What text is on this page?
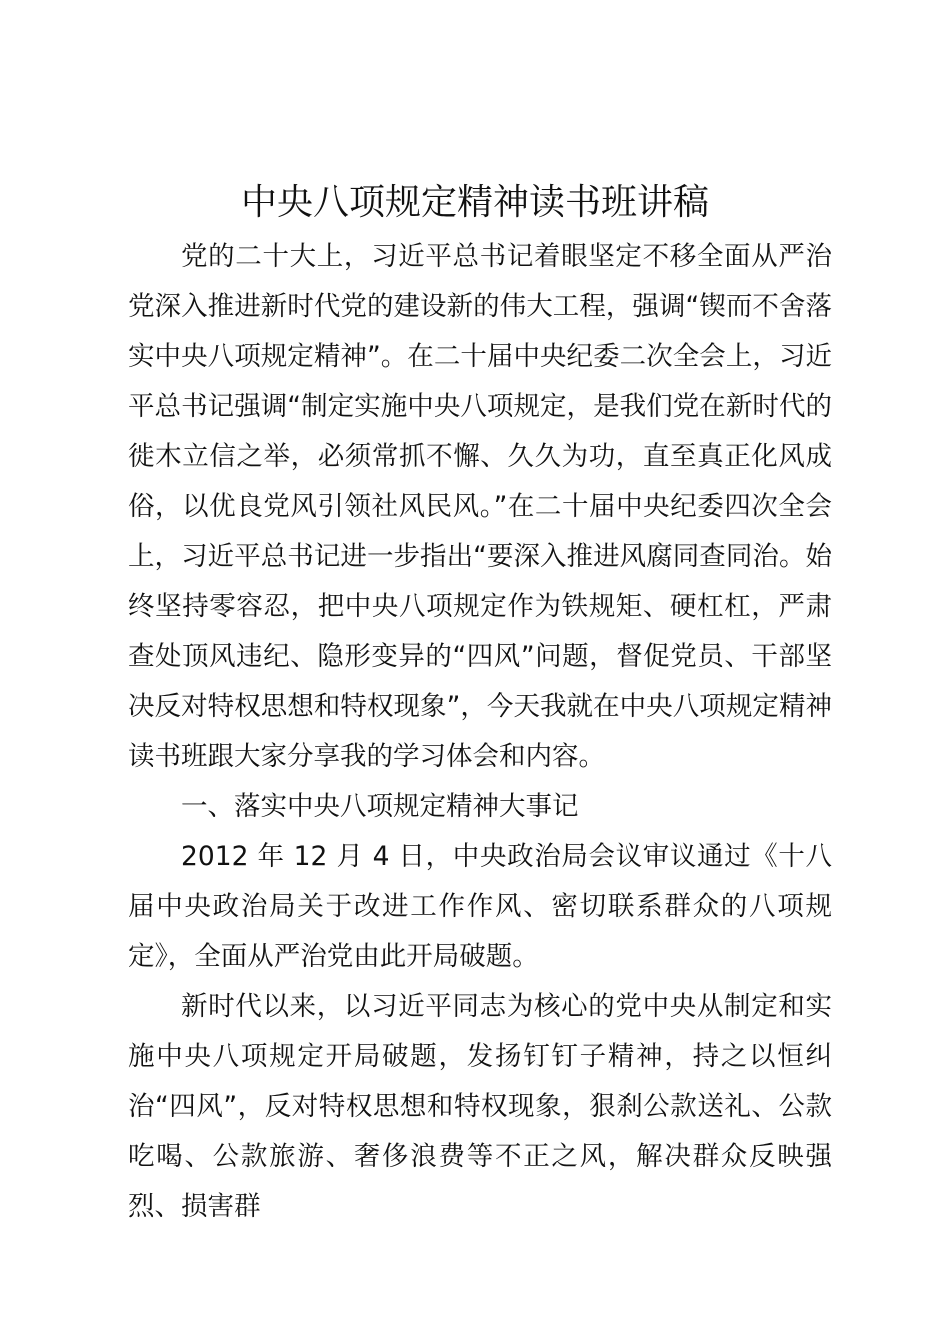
中央八项规定精神读书班讲稿

党的二十大上，习近平总书记着眼坚定不移全面从严治党深入推进新时代党的建设新的伟大工程，强调“锲而不舍落实中央八项规定精神”。在二十届中央纪委二次全会上，习近平总书记强调“制定实施中央八项规定，是我们党在新时代的徙木立信之举，必须常抓不懈、久久为功，直至真正化风成俗，以优良党风引领社风民风。”在二十届中央纪委四次全会上，习近平总书记进一步指出“要深入推进风腐同查同治。始终坚持零容忍，把中央八项规定作为铁规矩、硬杠杠，严肃查处顶风违纪、隐形变异的“四风”问题，督促党员、干部坚决反对特权思想和特权现象”，今天我就在中央八项规定精神读书班跟大家分享我的学习体会和内容。

一、落实中央八项规定精神大事记

2012 年 12 月 4 日，中央政治局会议审议通过《十八届中央政治局关于改进工作作风、密切联系群众的八项规定》，全面从严治党由此开局破题。

新时代以来，以习近平同志为核心的党中央从制定和实施中央八项规定开局破题，发扬钉钉子精神，持之以恒纠治“四风”，反对特权思想和特权现象，狠刹公款送礼、公款吃喝、公款旅游、奢侈浪费等不正之风，解决群众反映强烈、损害群
